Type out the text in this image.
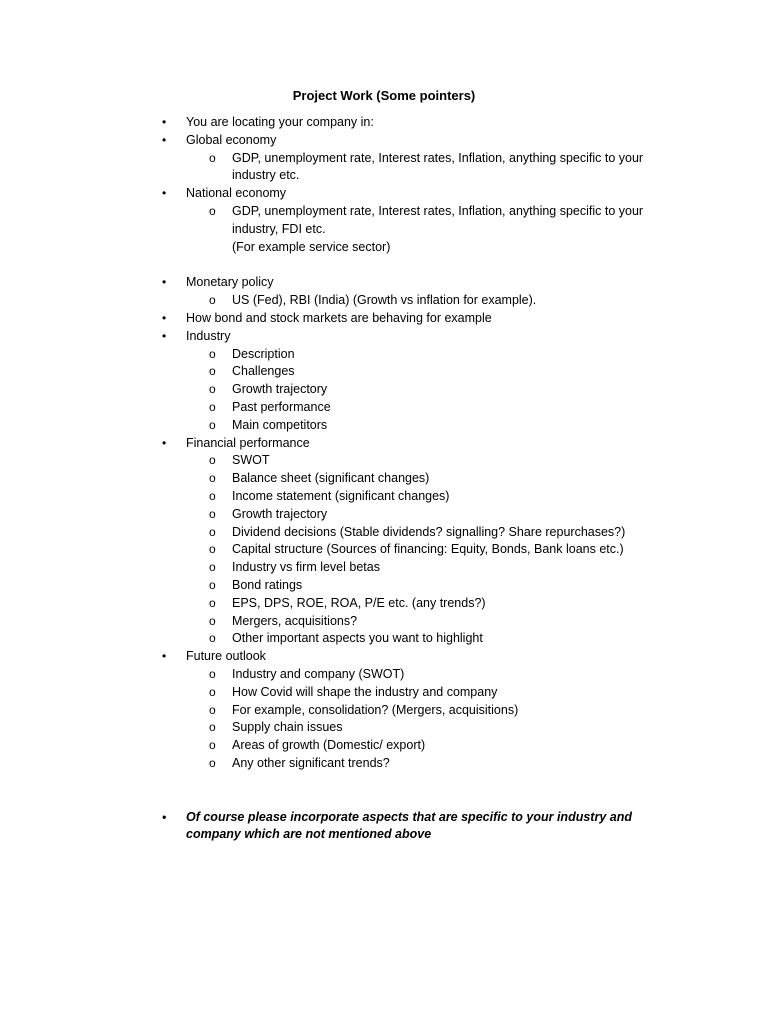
Project Work (Some pointers)
• You are locating your company in:
• Global economy
o GDP, unemployment rate, Interest rates, Inflation, anything specific to your industry etc.
• National economy
o GDP, unemployment rate, Interest rates, Inflation, anything specific to your industry, FDI etc.
(For example service sector)
• Monetary policy
o US (Fed), RBI (India) (Growth vs inflation for example).
• How bond and stock markets are behaving for example
• Industry
o Description
o Challenges
o Growth trajectory
o Past performance
o Main competitors
• Financial performance
o SWOT
o Balance sheet (significant changes)
o Income statement (significant changes)
o Growth trajectory
o Dividend decisions (Stable dividends? signalling? Share repurchases?)
o Capital structure (Sources of financing: Equity, Bonds, Bank loans etc.)
o Industry vs firm level betas
o Bond ratings
o EPS, DPS, ROE, ROA, P/E etc. (any trends?)
o Mergers, acquisitions?
o Other important aspects you want to highlight
• Future outlook
o Industry and company (SWOT)
o How Covid will shape the industry and company
o For example, consolidation? (Mergers, acquisitions)
o Supply chain issues
o Areas of growth (Domestic/ export)
o Any other significant trends?
• Of course please incorporate aspects that are specific to your industry and company which are not mentioned above
